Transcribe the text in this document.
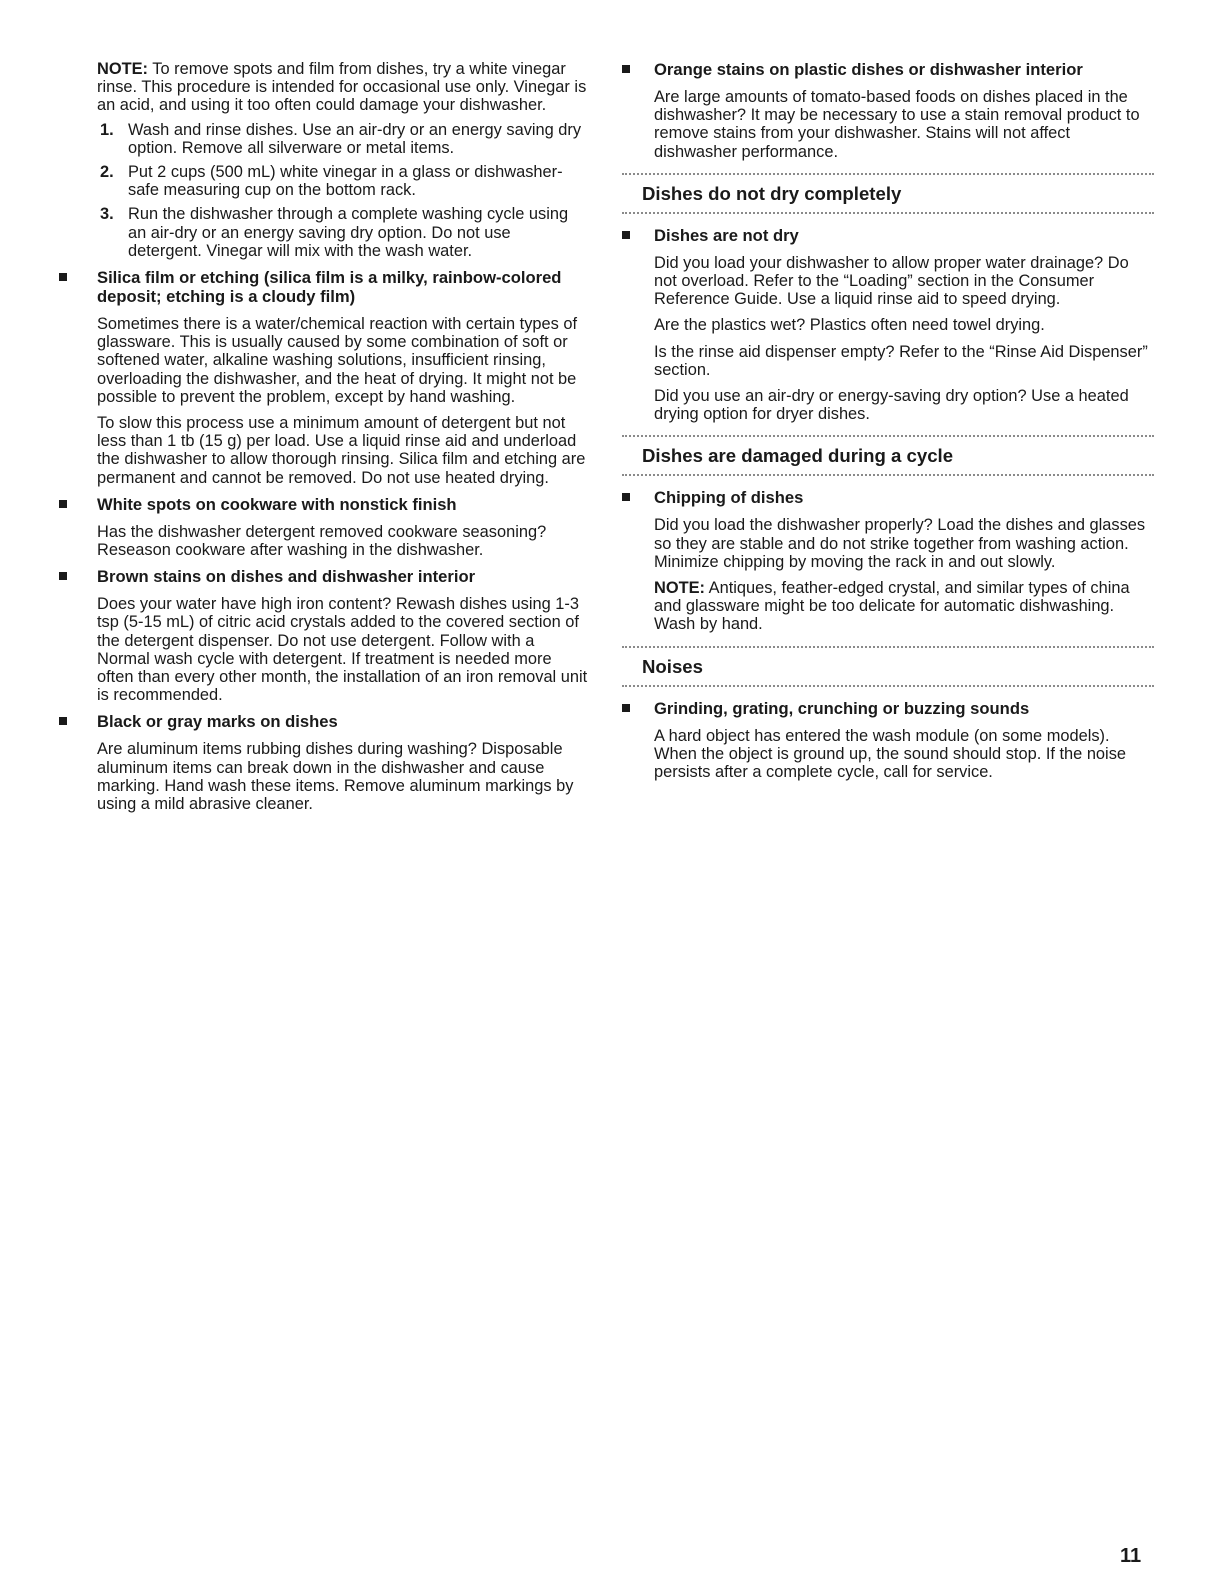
NOTE: To remove spots and film from dishes, try a white vinegar rinse. This procedure is intended for occasional use only. Vinegar is an acid, and using it too often could damage your dishwasher.

1. Wash and rinse dishes. Use an air-dry or an energy saving dry option. Remove all silverware or metal items.
2. Put 2 cups (500 mL) white vinegar in a glass or dishwasher-safe measuring cup on the bottom rack.
3. Run the dishwasher through a complete washing cycle using an air-dry or an energy saving dry option. Do not use detergent. Vinegar will mix with the wash water.
Silica film or etching (silica film is a milky, rainbow-colored deposit; etching is a cloudy film)

Sometimes there is a water/chemical reaction with certain types of glassware. This is usually caused by some combination of soft or softened water, alkaline washing solutions, insufficient rinsing, overloading the dishwasher, and the heat of drying. It might not be possible to prevent the problem, except by hand washing.

To slow this process use a minimum amount of detergent but not less than 1 tb (15 g) per load. Use a liquid rinse aid and underload the dishwasher to allow thorough rinsing. Silica film and etching are permanent and cannot be removed. Do not use heated drying.

White spots on cookware with nonstick finish

Has the dishwasher detergent removed cookware seasoning? Reseason cookware after washing in the dishwasher.

Brown stains on dishes and dishwasher interior

Does your water have high iron content? Rewash dishes using 1-3 tsp (5-15 mL) of citric acid crystals added to the covered section of the detergent dispenser. Do not use detergent. Follow with a Normal wash cycle with detergent. If treatment is needed more often than every other month, the installation of an iron removal unit is recommended.

Black or gray marks on dishes

Are aluminum items rubbing dishes during washing? Disposable aluminum items can break down in the dishwasher and cause marking. Hand wash these items. Remove aluminum markings by using a mild abrasive cleaner.

Orange stains on plastic dishes or dishwasher interior

Are large amounts of tomato-based foods on dishes placed in the dishwasher? It may be necessary to use a stain removal product to remove stains from your dishwasher. Stains will not affect dishwasher performance.

Dishes do not dry completely
Dishes are not dry

Did you load your dishwasher to allow proper water drainage? Do not overload. Refer to the “Loading” section in the Consumer Reference Guide. Use a liquid rinse aid to speed drying.

Are the plastics wet? Plastics often need towel drying.

Is the rinse aid dispenser empty? Refer to the “Rinse Aid Dispenser” section.

Did you use an air-dry or energy-saving dry option? Use a heated drying option for dryer dishes.

Dishes are damaged during a cycle
Chipping of dishes

Did you load the dishwasher properly? Load the dishes and glasses so they are stable and do not strike together from washing action. Minimize chipping by moving the rack in and out slowly.

NOTE: Antiques, feather-edged crystal, and similar types of china and glassware might be too delicate for automatic dishwashing. Wash by hand.

Noises
Grinding, grating, crunching or buzzing sounds

A hard object has entered the wash module (on some models). When the object is ground up, the sound should stop. If the noise persists after a complete cycle, call for service.

11
